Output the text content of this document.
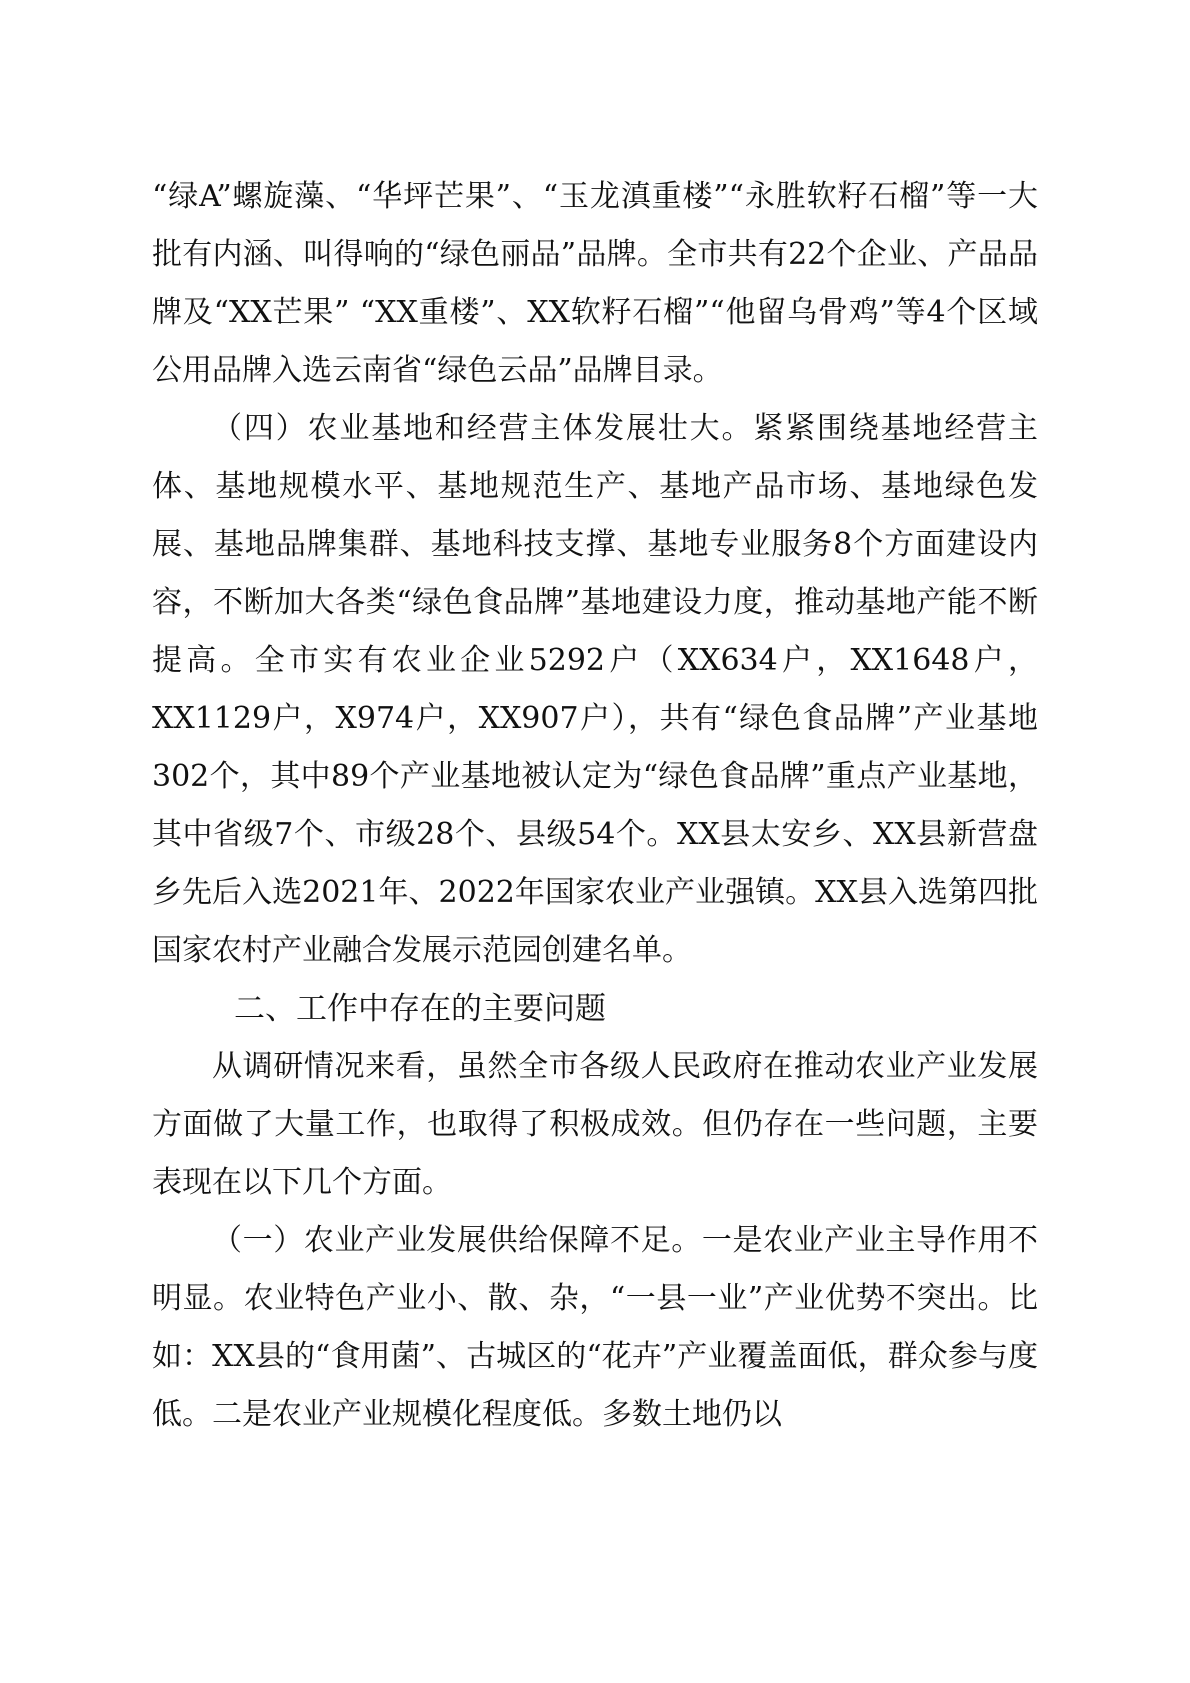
“绿A”螺旋藻、“华坪芒果”、“玉龙滇重楼”“永胜软籽石榴”等一大批有内涵、叫得响的“绿色丽品”品牌。全市共有22个企业、产品品牌及“XX芒果” “XX重楼”、XX软籽石榴”“他留乌骨鸡”等4个区域公用品牌入选云南省“绿色云品”品牌目录。

（四）农业基地和经营主体发展壮大。紧紧围绕基地经营主体、基地规模水平、基地规范生产、基地产品市场、基地绿色发展、基地品牌集群、基地科技支撑、基地专业服务8个方面建设内容，不断加大各类“绿色食品牌”基地建设力度，推动基地产能不断提高。全市实有农业企业5292户（XX634户，XX1648户，XX1129户，X974户，XX907户），共有“绿色食品牌”产业基地302个，其中89个产业基地被认定为“绿色食品牌”重点产业基地，其中省级7个、市级28个、县级54个。XX县太安乡、XX县新营盘乡先后入选2021年、2022年国家农业产业强镇。XX县入选第四批国家农村产业融合发展示范园创建名单。

二、工作中存在的主要问题

从调研情况来看，虽然全市各级人民政府在推动农业产业发展方面做了大量工作，也取得了积极成效。但仍存在一些问题，主要表现在以下几个方面。

（一）农业产业发展供给保障不足。一是农业产业主导作用不明显。农业特色产业小、散、杂，“一县一业”产业优势不突出。比如：XX县的“食用菌”、古城区的“花卉”产业覆盖面低，群众参与度低。二是农业产业规模化程度低。多数土地仍以
